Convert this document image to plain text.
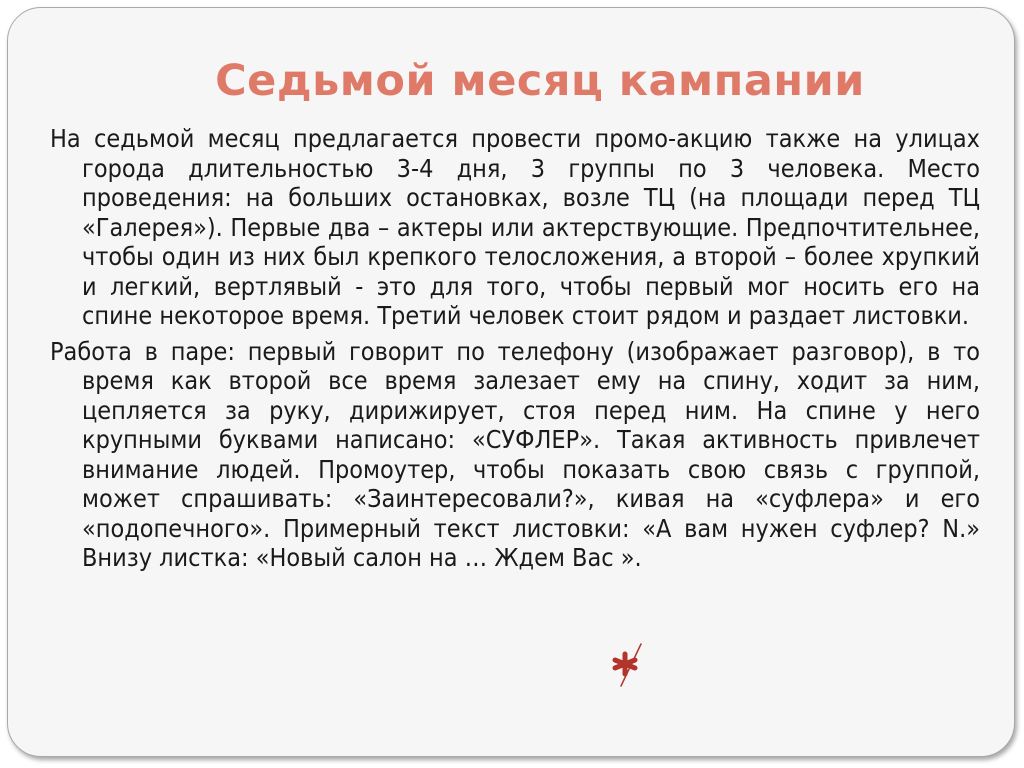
Седьмой месяц кампании

На седьмой месяц предлагается провести промо-акцию также на улицах города длительностью 3-4 дня, 3 группы по 3 человека. Место проведения: на больших остановках, возле ТЦ (на площади перед ТЦ «Галерея»). Первые два – актеры или актерствующие. Предпочтительнее, чтобы один из них был крепкого телосложения, а второй – более хрупкий и легкий, вертлявый - это для того, чтобы первый мог носить его на спине некоторое время. Третий человек стоит рядом и раздает листовки.

Работа в паре: первый говорит по телефону (изображает разговор), в то время как второй все время залезает ему на спину, ходит за ним, цепляется за руку, дирижирует, стоя перед ним. На спине у него крупными буквами написано: «СУФЛЕР». Такая активность привлечет внимание людей. Промоутер, чтобы показать свою связь с группой, может спрашивать: «Заинтересовали?», кивая на «суфлера» и его «подопечного». Примерный текст листовки: «А вам нужен суфлер? N.» Внизу листка: «Новый салон на … Ждем Вас ».
